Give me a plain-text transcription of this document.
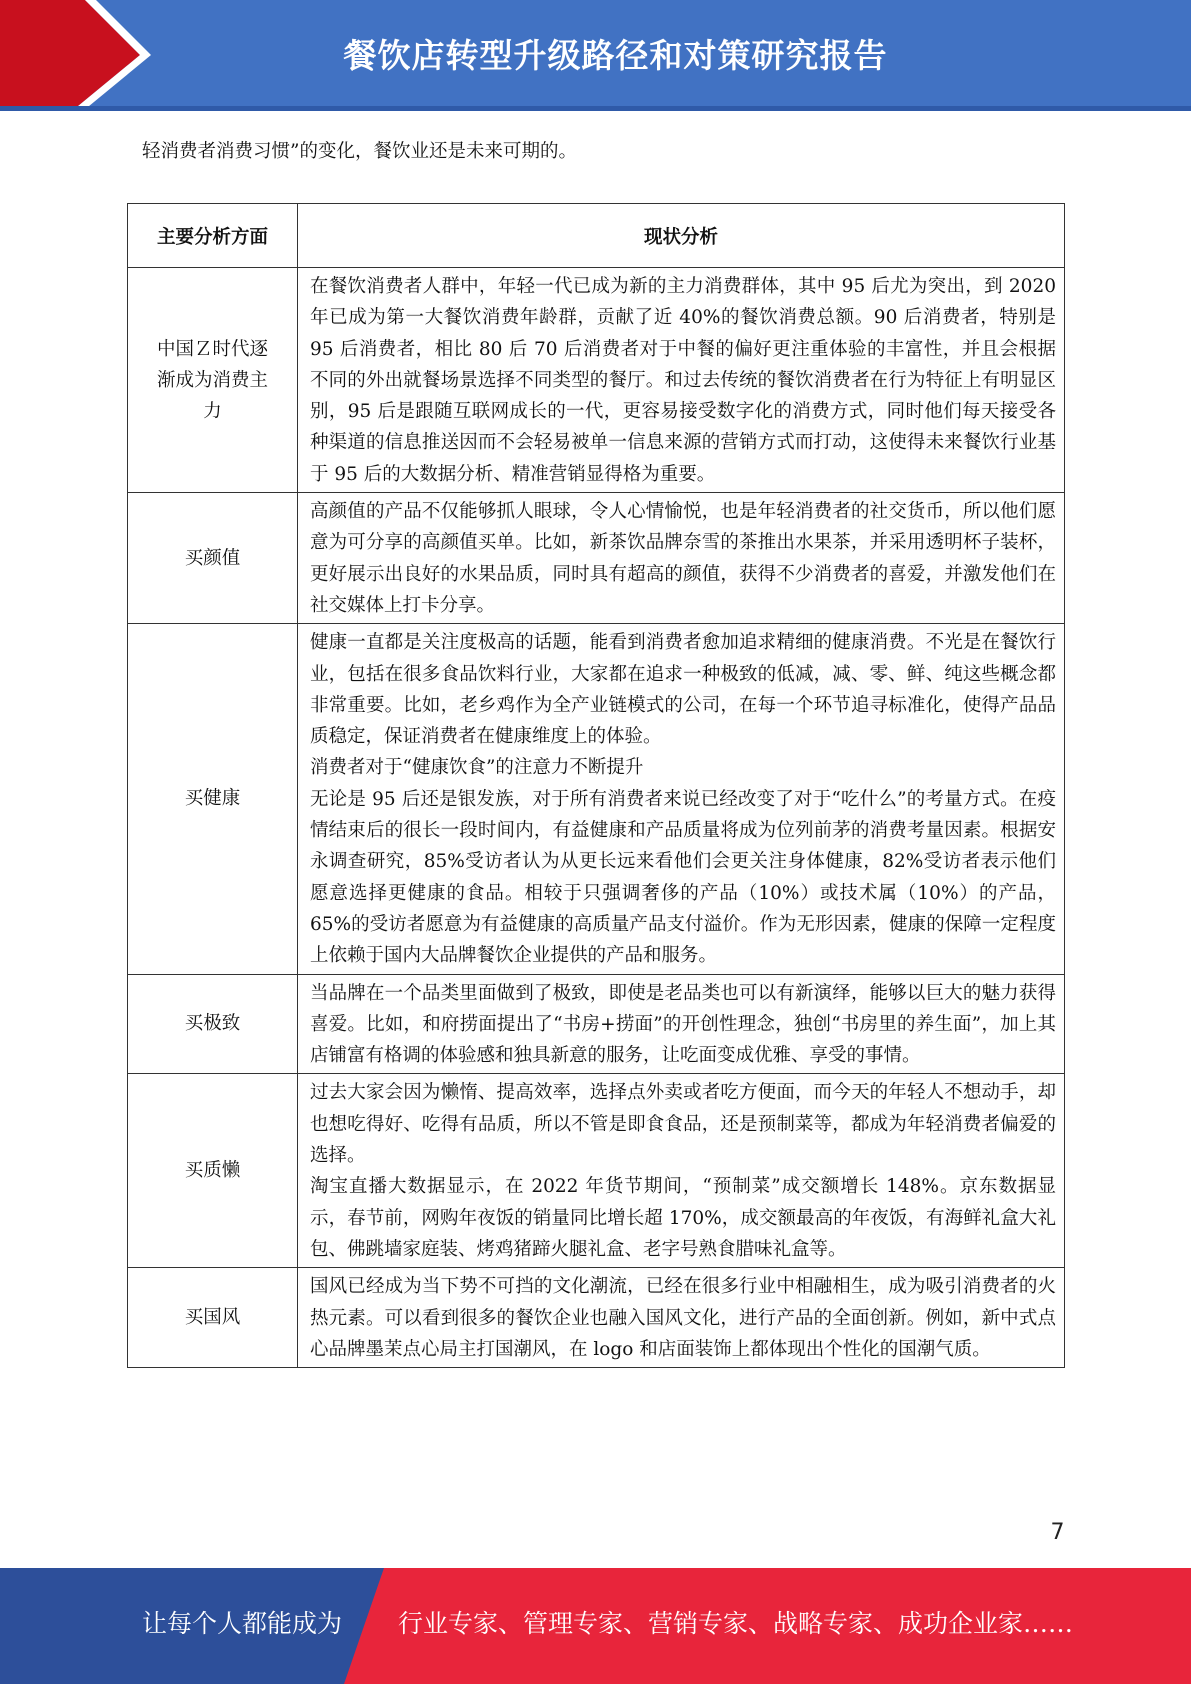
餐饮店转型升级路径和对策研究报告
轻消费者消费习惯”的变化，餐饮业还是未来可期的。
主要分析方面	现状分析
中国Ｚ时代逐渐成为消费主力	在餐饮消费者人群中，年轻一代已成为新的主力消费群体，其中 95 后尤为突出，到 2020 年已成为第一大餐饮消费年龄群，贡献了近 40%的餐饮消费总额。90 后消费者，特别是 95 后消费者，相比 80 后 70 后消费者对于中餐的偏好更注重体验的丰富性，并且会根据不同的外出就餐场景选择不同类型的餐厅。和过去传统的餐饮消费者在行为特征上有明显区别，95 后是跟随互联网成长的一代，更容易接受数字化的消费方式，同时他们每天接受各种渠道的信息推送因而不会轻易被单一信息来源的营销方式而打动，这使得未来餐饮行业基于 95 后的大数据分析、精准营销显得格为重要。

买颜值	高颜值的产品不仅能够抓人眼球，令人心情愉悦，也是年轻消费者的社交货币，所以他们愿意为可分享的高颜值买单。比如，新茶饮品牌奈雪的茶推出水果茶，并采用透明杯子装杯，更好展示出良好的水果品质，同时具有超高的颜值，获得不少消费者的喜爱，并激发他们在社交媒体上打卡分享。

买健康	健康一直都是关注度极高的话题，能看到消费者愈加追求精细的健康消费。不光是在餐饮行业，包括在很多食品饮料行业，大家都在追求一种极致的低减，减、零、鲜、纯这些概念都非常重要。比如，老乡鸡作为全产业链模式的公司，在每一个环节追寻标准化，使得产品品质稳定，保证消费者在健康维度上的体验。

消费者对于“健康饮食”的注意力不断提升

无论是 95 后还是银发族，对于所有消费者来说已经改变了对于“吃什么”的考量方式。在疫情结束后的很长一段时间内，有益健康和产品质量将成为位列前茅的消费考量因素。根据安永调查研究，85%受访者认为从更长远来看他们会更关注身体健康，82%受访者表示他们愿意选择更健康的食品。相较于只强调奢侈的产品（10%）或技术属（10%）的产品，65%的受访者愿意为有益健康的高质量产品支付溢价。作为无形因素，健康的保障一定程度上依赖于国内大品牌餐饮企业提供的产品和服务。

买极致	当品牌在一个品类里面做到了极致，即使是老品类也可以有新演绎，能够以巨大的魅力获得喜爱。比如，和府捞面提出了“书房+捞面”的开创性理念，独创“书房里的养生面”，加上其店铺富有格调的体验感和独具新意的服务，让吃面变成优雅、享受的事情。

买质懒	过去大家会因为懒惰、提高效率，选择点外卖或者吃方便面，而今天的年轻人不想动手，却也想吃得好、吃得有品质，所以不管是即食食品，还是预制菜等，都成为年轻消费者偏爱的选择。

淘宝直播大数据显示，在 2022 年货节期间，“预制菜”成交额增长 148%。京东数据显示，春节前，网购年夜饭的销量同比增长超 170%，成交额最高的年夜饭，有海鲜礼盒大礼包、佛跳墙家庭装、烤鸡猪蹄火腿礼盒、老字号熟食腊味礼盒等。

买国风	国风已经成为当下势不可挡的文化潮流，已经在很多行业中相融相生，成为吸引消费者的火热元素。可以看到很多的餐饮企业也融入国风文化，进行产品的全面创新。例如，新中式点心品牌墨茉点心局主打国潮风，在 logo 和店面装饰上都体现出个性化的国潮气质。

7
让每个人都能成为 行业专家、管理专家、营销专家、战略专家、成功企业家……
